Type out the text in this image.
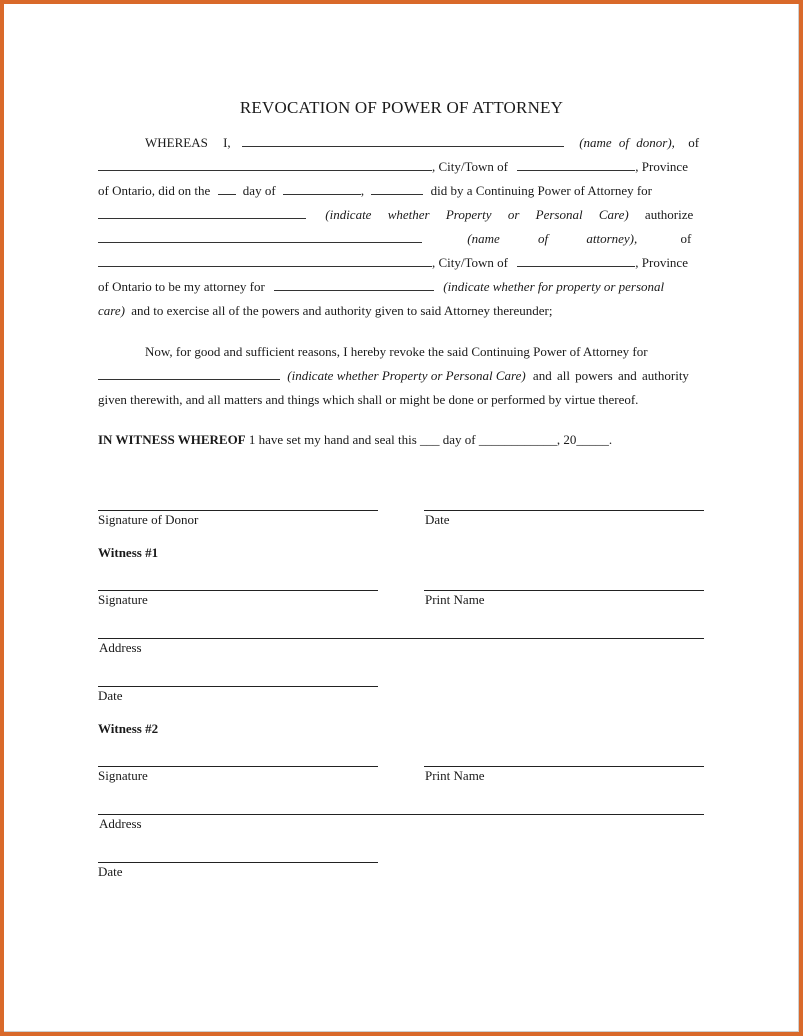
REVOCATION OF POWER OF ATTORNEY
WHEREAS I,	(name of donor), of
, City/Town of	, Province
of Ontario, did on the	day of	,	did by a Continuing Power of Attorney for
(indicate whether Property or Personal Care) authorize
(name of attorney),	of
, City/Town of	, Province
of Ontario to be my attorney for	(indicate whether for property or personal
care) and to exercise all of the powers and authority given to said Attorney thereunder;
Now, for good and sufficient reasons, I hereby revoke the said Continuing Power of Attorney for
(indicate whether Property or Personal Care) and all powers and authority
given therewith, and all matters and things which shall or might be done or performed by virtue thereof.
IN WITNESS WHEREOF 1 have set my hand and seal this ___ day of ____________, 20_____.
Signature of Donor	Date
Witness #1
Signature	Print Name
Address
Date
Witness #2
Signature	Print Name
Address
Date
